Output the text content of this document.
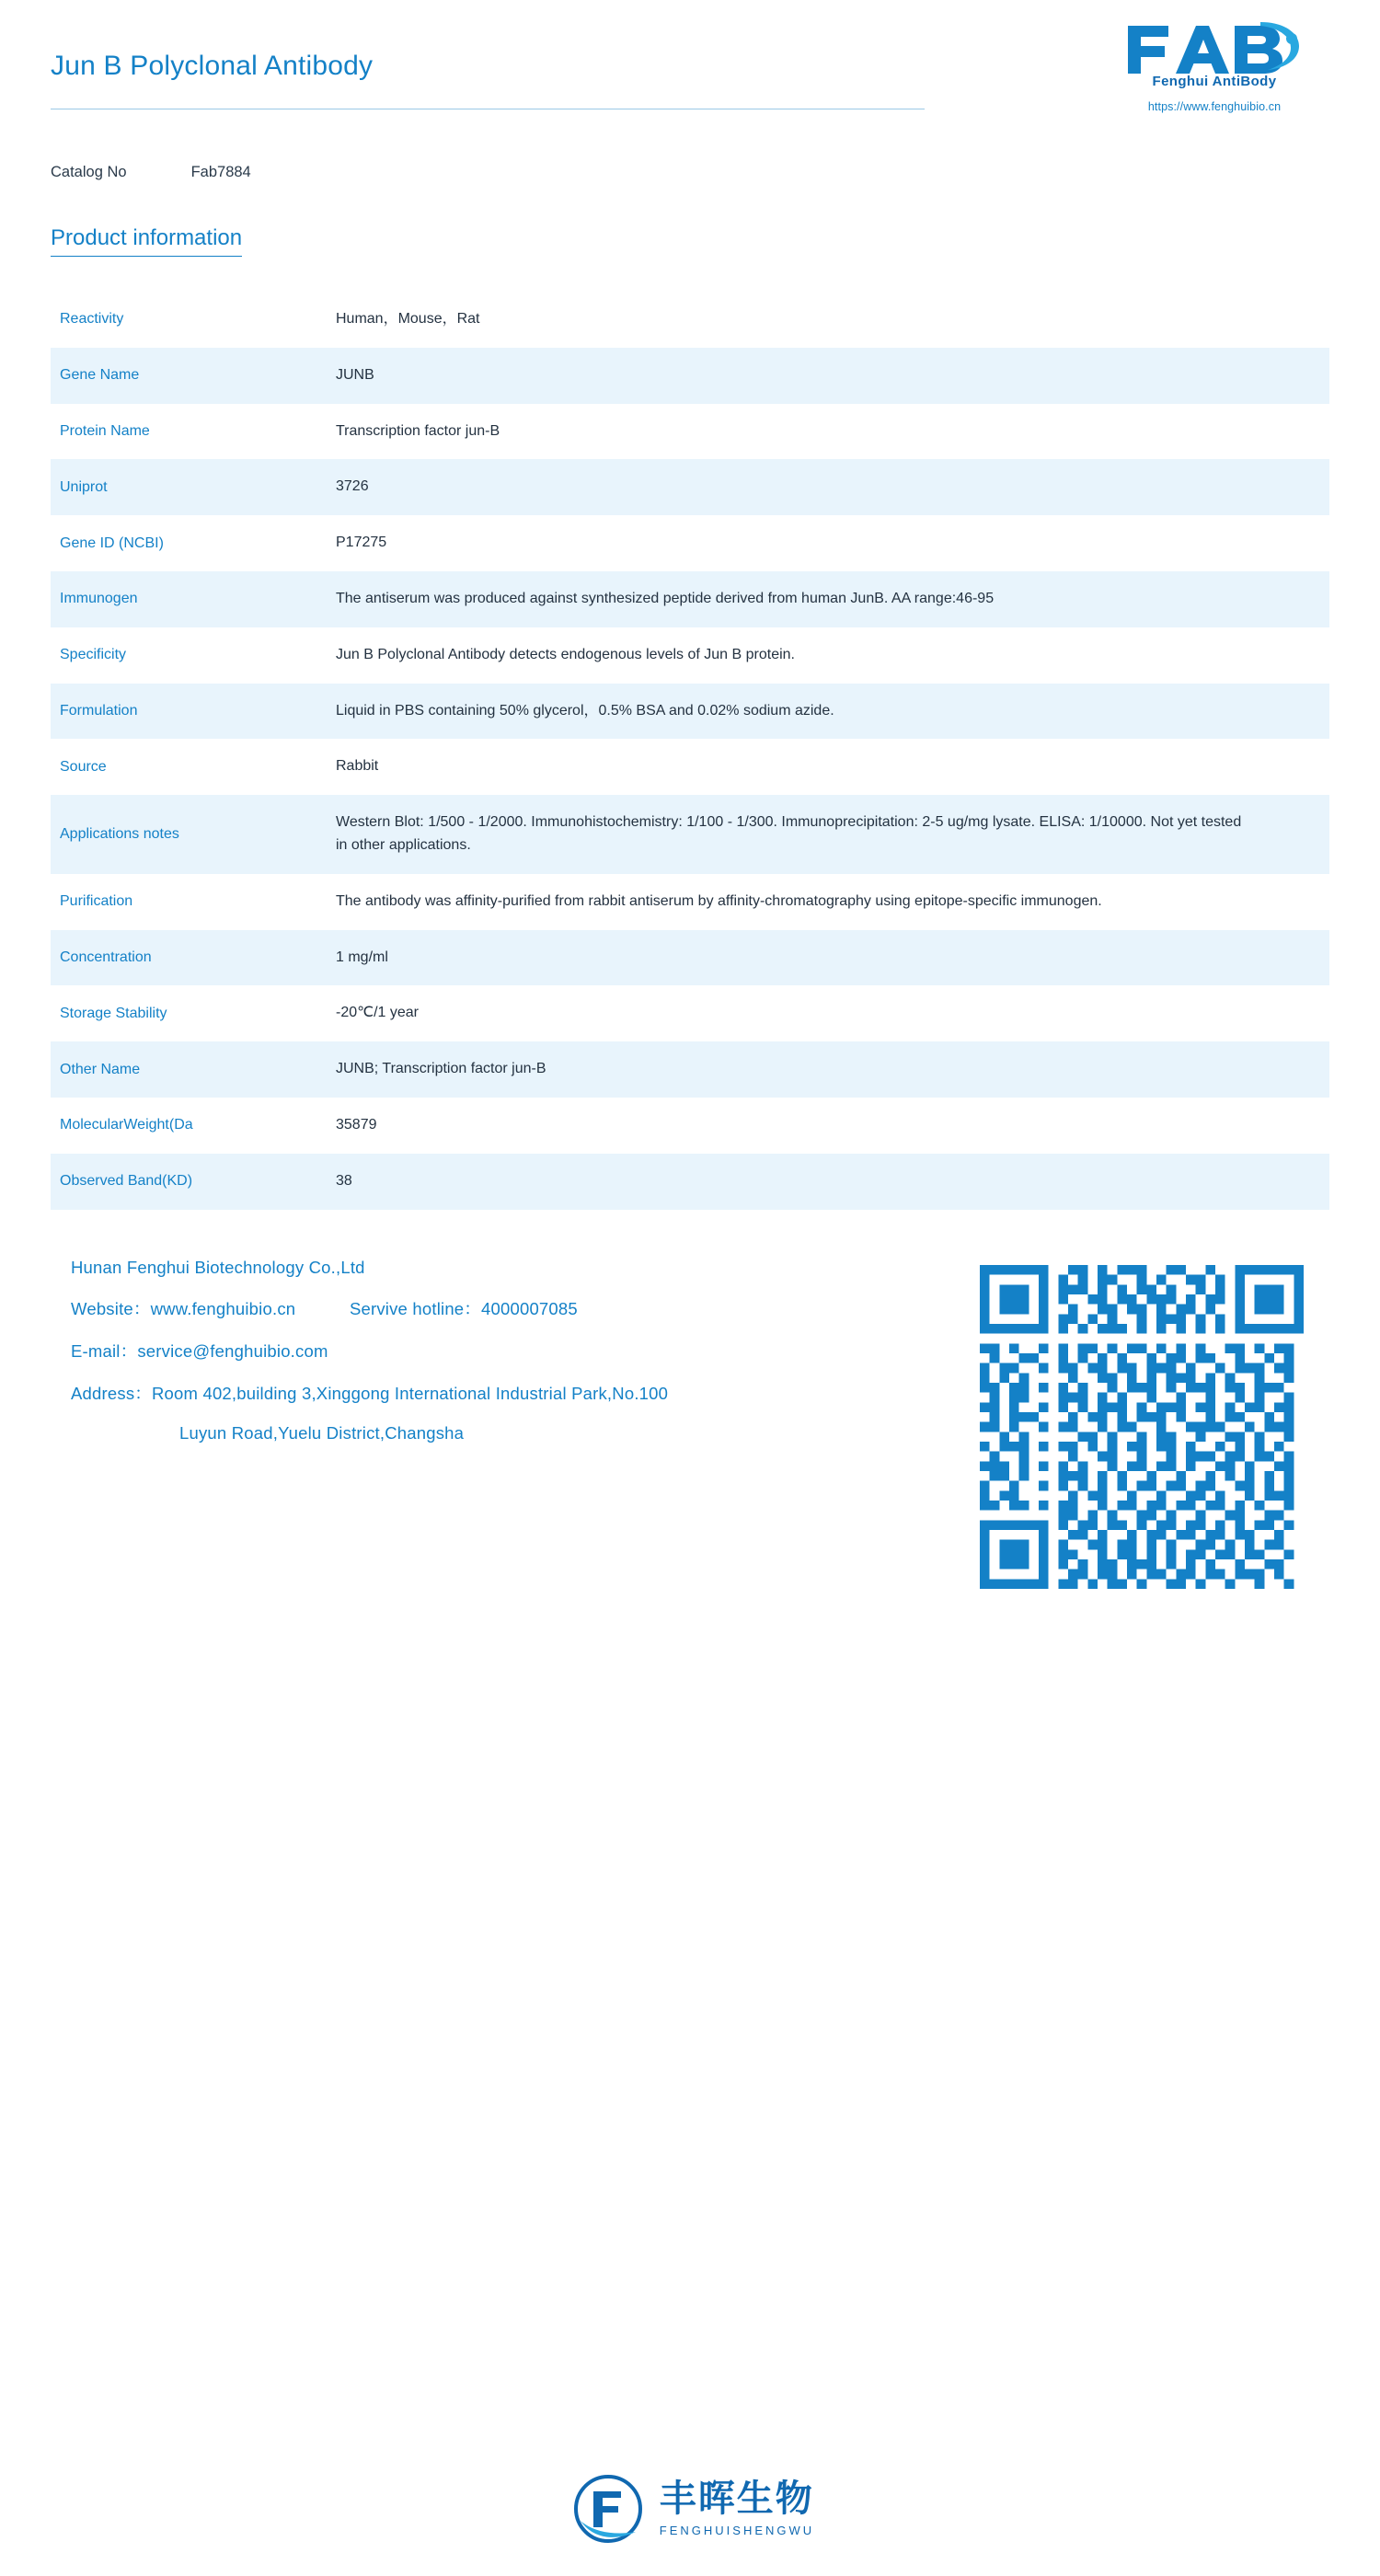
Jun B Polyclonal Antibody
Fenghui AntiBody
https://www.fenghuibio.cn
Catalog No	Fab7884
Product information
Reactivity	Human，Mouse，Rat
Gene Name	JUNB
Protein Name	Transcription factor jun-B
Uniprot	3726
Gene ID (NCBI)	P17275
Immunogen	The antiserum was produced against synthesized peptide derived from human JunB. AA range:46-95
Specificity	Jun B Polyclonal Antibody detects endogenous levels of Jun B protein.
Formulation	Liquid in PBS containing 50% glycerol，0.5% BSA and 0.02% sodium azide.
Source	Rabbit
Applications notes	Western Blot: 1/500 - 1/2000. Immunohistochemistry: 1/100 - 1/300. Immunoprecipitation: 2-5 ug/mg lysate. ELISA: 1/10000. Not yet tested in other applications.
Purification	The antibody was affinity-purified from rabbit antiserum by affinity-chromatography using epitope-specific immunogen.
Concentration	1 mg/ml
Storage Stability	-20℃/1 year
Other Name	JUNB; Transcription factor jun-B
MolecularWeight(Da	35879
Observed Band(KD)	38
Hunan Fenghui Biotechnology Co.,Ltd
Website：www.fenghuibio.cn	Servive hotline：4000007085
E-mail：service@fenghuibio.com
Address：Room 402,building 3,Xinggong International Industrial Park,No.100
Luyun Road,Yuelu District,Changsha
丰晖生物
FENGHUISHENGWU
